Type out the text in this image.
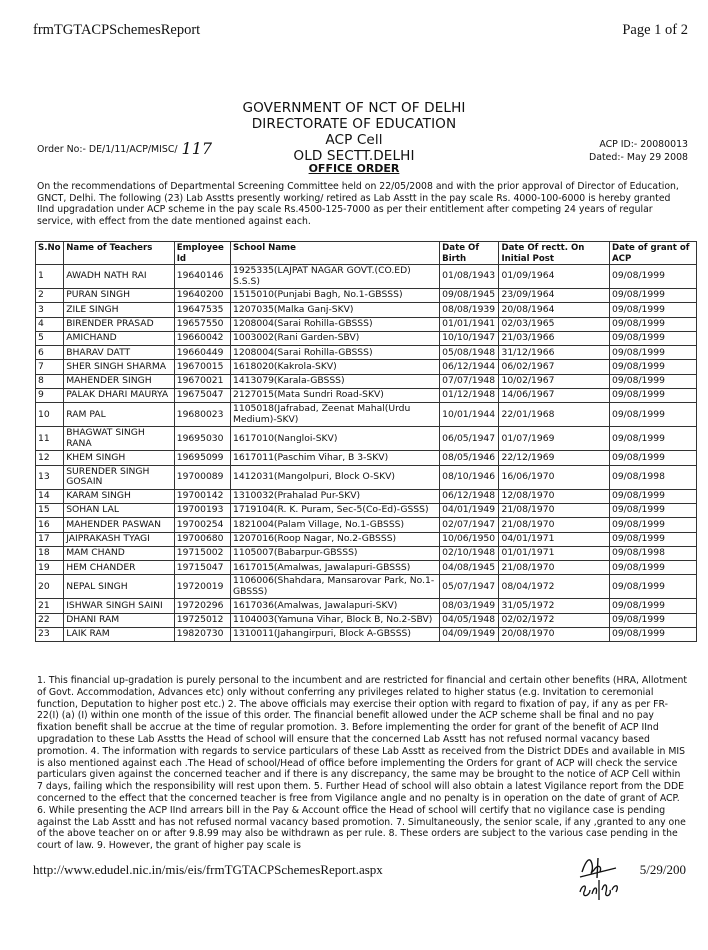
frmTGTACPSchemesReport	Page 1 of 2
GOVERNMENT OF NCT OF DELHI
DIRECTORATE OF EDUCATION
ACP Cell
OLD SECTT.DELHI
Order No:- DE/1/11/ACP/MISC/ 117	ACP ID:- 20080013
Dated:- May 29 2008
OFFICE ORDER
On the recommendations of Departmental Screening Committee held on 22/05/2008 and with the prior approval of Director of Education, GNCT, Delhi. The following (23) Lab Asstts presently working/ retired as Lab Asstt in the pay scale Rs. 4000-100-6000 is hereby granted IInd upgradation under ACP scheme in the pay scale Rs.4500-125-7000 as per their entitlement after competing 24 years of regular service, with effect from the date mentioned against each.
S.No	Name of Teachers	Employee Id	School Name	Date Of Birth	Date Of rectt. On Initial Post	Date of grant of ACP
1	AWADH NATH RAI	19640146	1925335(LAJPAT NAGAR GOVT.(CO.ED) S.S.S)	01/08/1943	01/09/1964	09/08/1999
2	PURAN SINGH	19640200	1515010(Punjabi Bagh, No.1-GBSSS)	09/08/1945	23/09/1964	09/08/1999
3	ZILE SINGH	19647535	1207035(Malka Ganj-SKV)	08/08/1939	20/08/1964	09/08/1999
4	BIRENDER PRASAD	19657550	1208004(Sarai Rohilla-GBSSS)	01/01/1941	02/03/1965	09/08/1999
5	AMICHAND	19660042	1003002(Rani Garden-SBV)	10/10/1947	21/03/1966	09/08/1999
6	BHARAV DATT	19660449	1208004(Sarai Rohilla-GBSSS)	05/08/1948	31/12/1966	09/08/1999
7	SHER SINGH SHARMA	19670015	1618020(Kakrola-SKV)	06/12/1944	06/02/1967	09/08/1999
8	MAHENDER SINGH	19670021	1413079(Karala-GBSSS)	07/07/1948	10/02/1967	09/08/1999
9	PALAK DHARI MAURYA	19675047	2127015(Mata Sundri Road-SKV)	01/12/1948	14/06/1967	09/08/1999
10	RAM PAL	19680023	1105018(Jafrabad, Zeenat Mahal(Urdu Medium)-SKV)	10/01/1944	22/01/1968	09/08/1999
11	BHAGWAT SINGH RANA	19695030	1617010(Nangloi-SKV)	06/05/1947	01/07/1969	09/08/1999
12	KHEM SINGH	19695099	1617011(Paschim Vihar, B 3-SKV)	08/05/1946	22/12/1969	09/08/1999
13	SURENDER SINGH GOSAIN	19700089	1412031(Mangolpuri, Block O-SKV)	08/10/1946	16/06/1970	09/08/1998
14	KARAM SINGH	19700142	1310032(Prahalad Pur-SKV)	06/12/1948	12/08/1970	09/08/1999
15	SOHAN LAL	19700193	1719104(R. K. Puram, Sec-5(Co-Ed)-GSSS)	04/01/1949	21/08/1970	09/08/1999
16	MAHENDER PASWAN	19700254	1821004(Palam Village, No.1-GBSSS)	02/07/1947	21/08/1970	09/08/1999
17	JAIPRAKASH TYAGI	19700680	1207016(Roop Nagar, No.2-GBSSS)	10/06/1950	04/01/1971	09/08/1999
18	MAM CHAND	19715002	1105007(Babarpur-GBSSS)	02/10/1948	01/01/1971	09/08/1998
19	HEM CHANDER	19715047	1617015(Amalwas, Jawalapuri-GBSSS)	04/08/1945	21/08/1970	09/08/1999
20	NEPAL SINGH	19720019	1106006(Shahdara, Mansarovar Park, No.1-GBSSS)	05/07/1947	08/04/1972	09/08/1999
21	ISHWAR SINGH SAINI	19720296	1617036(Amalwas, Jawalapuri-SKV)	08/03/1949	31/05/1972	09/08/1999
22	DHANI RAM	19725012	1104003(Yamuna Vihar, Block B, No.2-SBV)	04/05/1948	02/02/1972	09/08/1999
23	LAIK RAM	19820730	1310011(Jahangirpuri, Block A-GBSSS)	04/09/1949	20/08/1970	09/08/1999
1. This financial up-gradation is purely personal to the incumbent and are restricted for financial and certain other benefits (HRA, Allotment of Govt. Accommodation, Advances etc) only without conferring any privileges related to higher status (e.g. Invitation to ceremonial function, Deputation to higher post etc.) 2. The above officials may exercise their option with regard to fixation of pay, if any as per FR-22(I) (a) (I) within one month of the issue of this order. The financial benefit allowed under the ACP scheme shall be final and no pay fixation benefit shall be accrue at the time of regular promotion. 3. Before implementing the order for grant of the benefit of ACP IInd upgradation to these Lab Asstts the Head of school will ensure that the concerned Lab Asstt has not refused normal vacancy based promotion. 4. The information with regards to service particulars of these Lab Asstt as received from the District DDEs and available in MIS is also mentioned against each .The Head of school/Head of office before implementing the Orders for grant of ACP will check the service particulars given against the concerned teacher and if there is any discrepancy, the same may be brought to the notice of ACP Cell within 7 days, failing which the responsibility will rest upon them. 5. Further Head of school will also obtain a latest Vigilance report from the DDE concerned to the effect that the concerned teacher is free from Vigilance angle and no penalty is in operation on the date of grant of ACP. 6. While presenting the ACP IInd arrears bill in the Pay & Account office the Head of school will certify that no vigilance case is pending against the Lab Asstt and has not refused normal vacancy based promotion. 7. Simultaneously, the senior scale, if any ,granted to any one of the above teacher on or after 9.8.99 may also be withdrawn as per rule. 8. These orders are subject to the various case pending in the court of law. 9. However, the grant of higher pay scale is
http://www.edudel.nic.in/mis/eis/frmTGTACPSchemesReport.aspx	5/29/200
